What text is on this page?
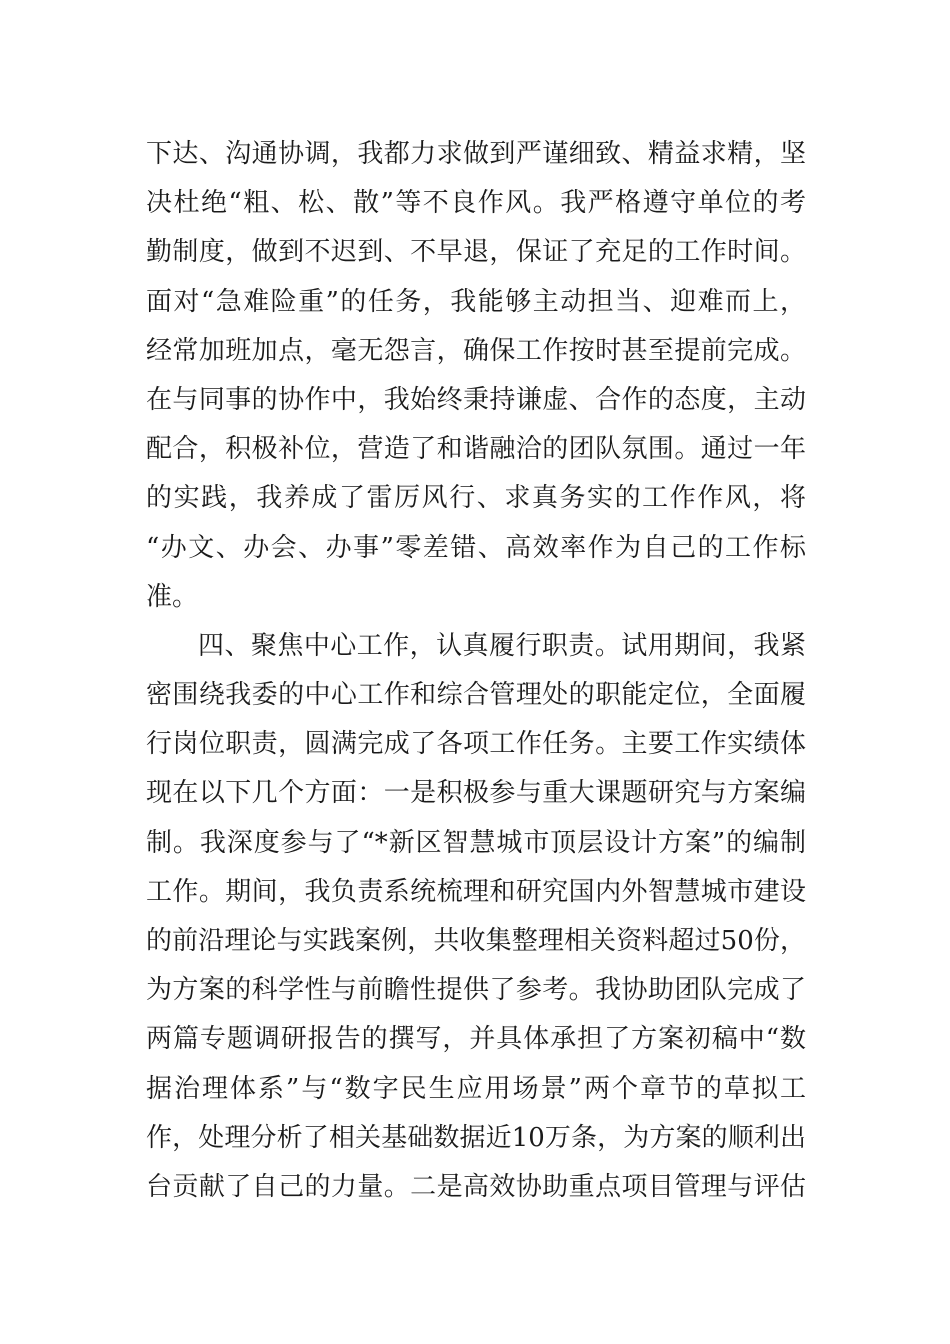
下达、沟通协调，我都力求做到严谨细致、精益求精，坚
决杜绝“粗、松、散”等不良作风。我严格遵守单位的考
勤制度，做到不迟到、不早退，保证了充足的工作时间。
面对“急难险重”的任务，我能够主动担当、迎难而上，
经常加班加点，毫无怨言，确保工作按时甚至提前完成。
在与同事的协作中，我始终秉持谦虚、合作的态度，主动
配合，积极补位，营造了和谐融洽的团队氛围。通过一年
的实践，我养成了雷厉风行、求真务实的工作作风，将
“办文、办会、办事”零差错、高效率作为自己的工作标
准。
四、聚焦中心工作，认真履行职责。试用期间，我紧
密围绕我委的中心工作和综合管理处的职能定位，全面履
行岗位职责，圆满完成了各项工作任务。主要工作实绩体
现在以下几个方面：一是积极参与重大课题研究与方案编
制。我深度参与了“*新区智慧城市顶层设计方案”的编制
工作。期间，我负责系统梳理和研究国内外智慧城市建设
的前沿理论与实践案例，共收集整理相关资料超过50份，
为方案的科学性与前瞻性提供了参考。我协助团队完成了
两篇专题调研报告的撰写，并具体承担了方案初稿中“数
据治理体系”与“数字民生应用场景”两个章节的草拟工
作，处理分析了相关基础数据近10万条，为方案的顺利出
台贡献了自己的力量。二是高效协助重点项目管理与评估
